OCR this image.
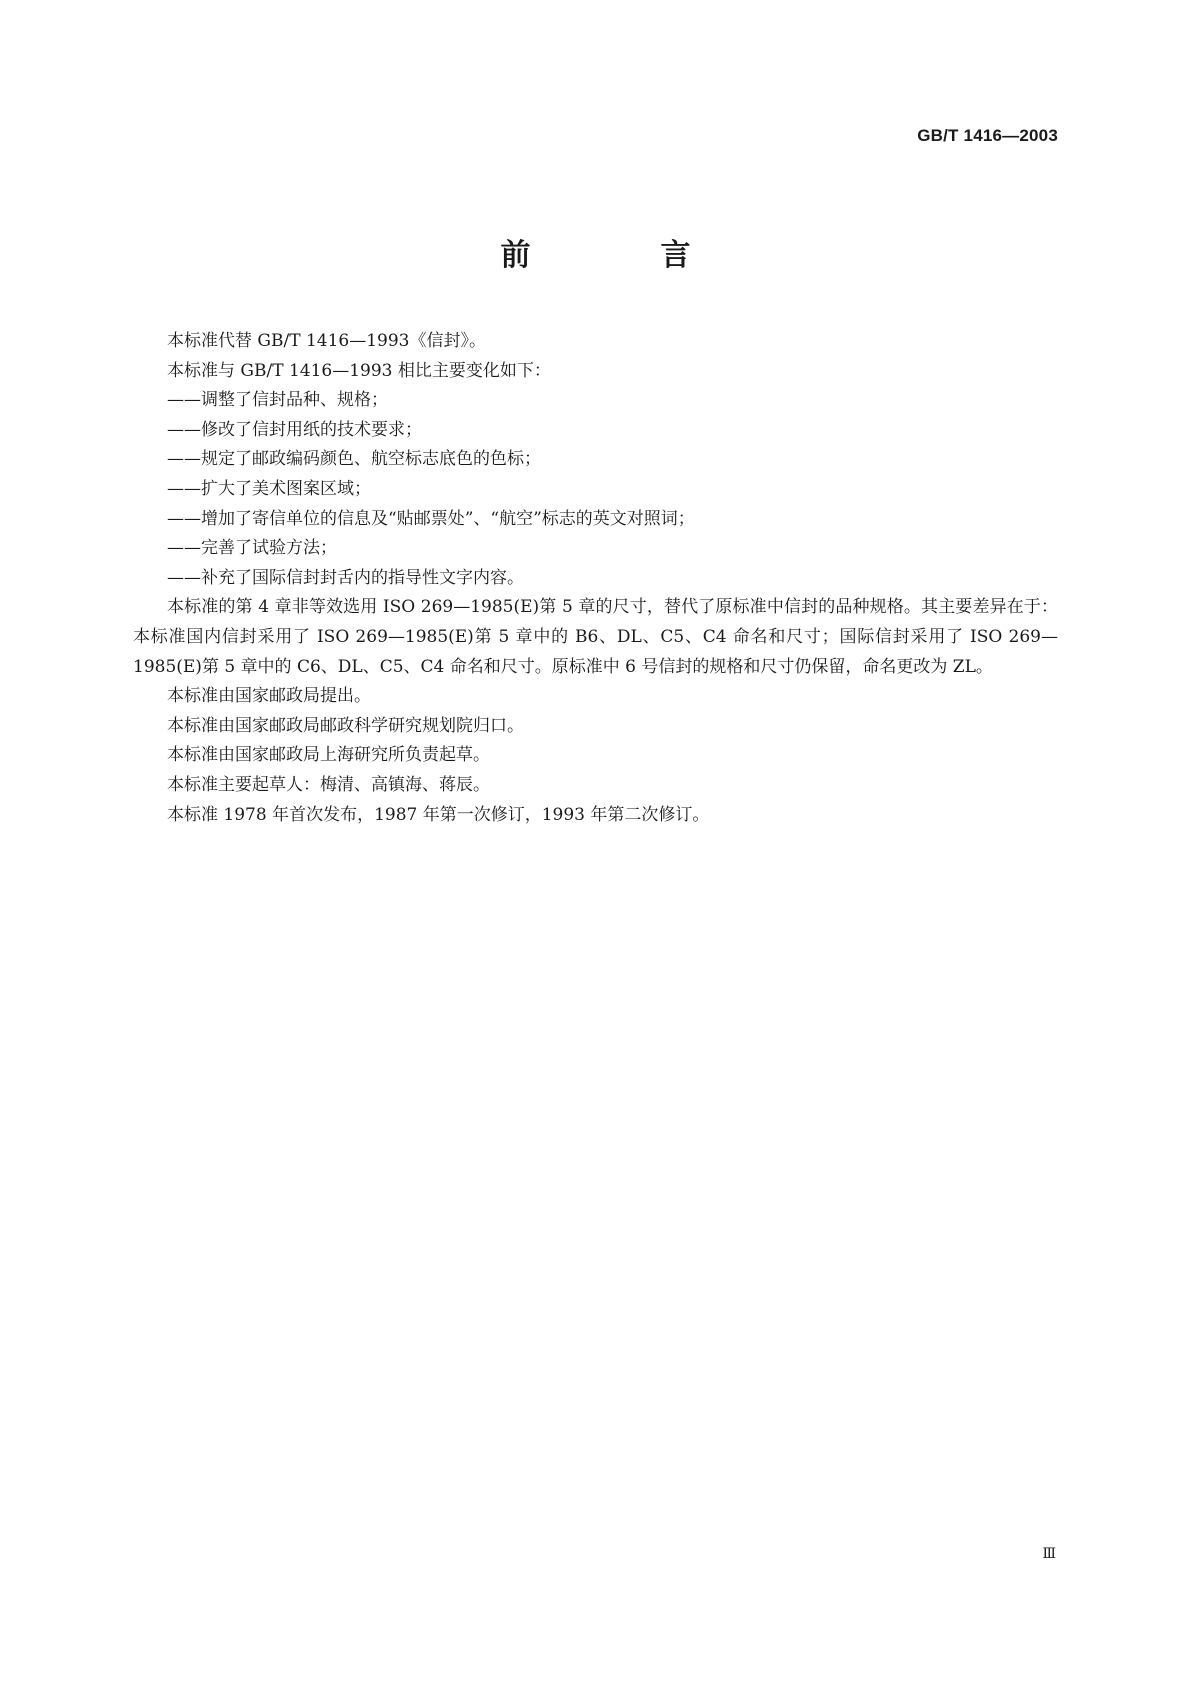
GB/T 1416—2003
前　言

本标准代替 GB/T 1416—1993《信封》。

本标准与 GB/T 1416—1993 相比主要变化如下：

——调整了信封品种、规格；

——修改了信封用纸的技术要求；

——规定了邮政编码颜色、航空标志底色的色标；

——扩大了美术图案区域；

——增加了寄信单位的信息及“贴邮票处”、“航空”标志的英文对照词；

——完善了试验方法；

——补充了国际信封封舌内的指导性文字内容。

本标准的第 4 章非等效选用 ISO 269—1985(E)第 5 章的尺寸，替代了原标准中信封的品种规格。其主要差异在于：本标准国内信封采用了 ISO 269—1985(E)第 5 章中的 B6、DL、C5、C4 命名和尺寸；国际信封采用了 ISO 269—1985(E)第 5 章中的 C6、DL、C5、C4 命名和尺寸。原标准中 6 号信封的规格和尺寸仍保留，命名更改为 ZL。

本标准由国家邮政局提出。

本标准由国家邮政局邮政科学研究规划院归口。

本标准由国家邮政局上海研究所负责起草。

本标准主要起草人：梅清、高镇海、蒋辰。

本标准 1978 年首次发布，1987 年第一次修订，1993 年第二次修订。

Ⅲ
